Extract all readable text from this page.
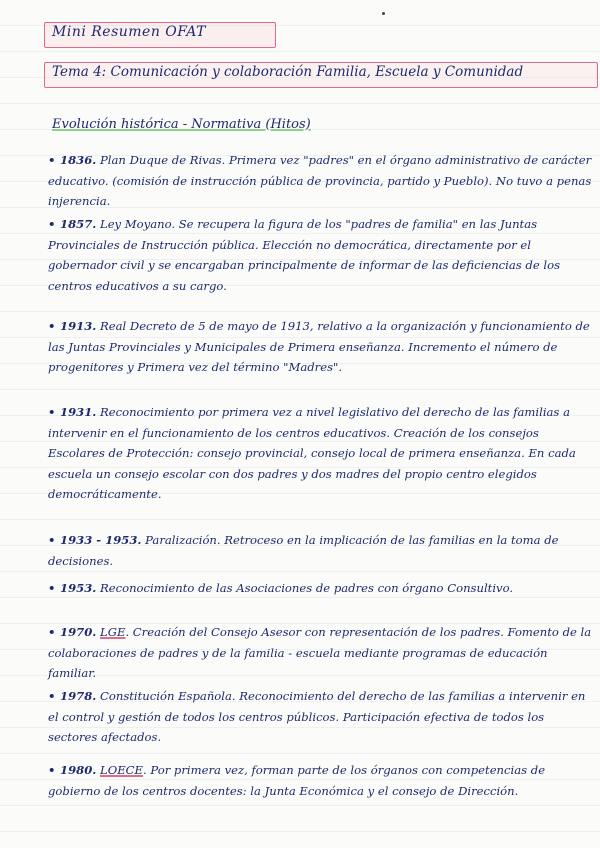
Mini Resumen OFAT
Tema 4: Comunicación y colaboración Familia, Escuela y Comunidad
Evolución histórica - Normativa (Hitos)
• 1836. Plan Duque de Rivas. Primera vez "padres" en el órgano administrativo de carácter educativo. (comisión de instrucción pública de provincia, partido y Pueblo). No tuvo a penas injerencia.
• 1857. Ley Moyano. Se recupera la figura de los "padres de familia" en las Juntas Provinciales de Instrucción pública. Elección no democrática, directamente por el gobernador civil y se encargaban principalmente de informar de las deficiencias de los centros educativos a su cargo.
• 1913. Real Decreto de 5 de mayo de 1913, relativo a la organización y funcionamiento de las Juntas Provinciales y Municipales de Primera enseñanza. Incremento el número de progenitores y Primera vez del término "Madres".
• 1931. Reconocimiento por primera vez a nivel legislativo del derecho de las familias a intervenir en el funcionamiento de los centros educativos. Creación de los consejos Escolares de Protección: consejo provincial, consejo local de primera enseñanza. En cada escuela un consejo escolar con dos padres y dos madres del propio centro elegidos democráticamente.
• 1933 - 1953. Paralización. Retroceso en la implicación de las familias en la toma de decisiones.
• 1953. Reconocimiento de las Asociaciones de padres con órgano Consultivo.
• 1970. LGE. Creación del Consejo Asesor con representación de los padres. Fomento de la colaboraciones de padres y de la familia - escuela mediante programas de educación familiar.
• 1978. Constitución Española. Reconocimiento del derecho de las familias a intervenir en el control y gestión de todos los centros públicos. Participación efectiva de todos los sectores afectados.
• 1980. LOECE. Por primera vez, forman parte de los órganos con competencias de gobierno de los centros docentes: la Junta Económica y el consejo de Dirección.
